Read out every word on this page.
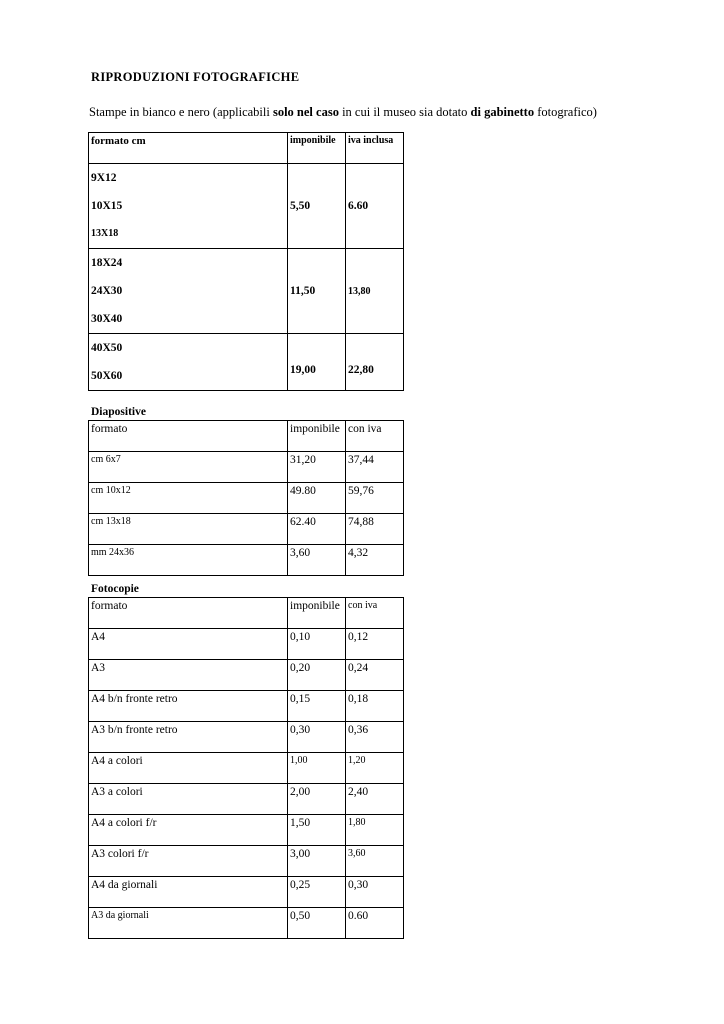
RIPRODUZIONI FOTOGRAFICHE
Stampe in bianco e nero (applicabili solo nel caso in cui il museo sia dotato di gabinetto fotografico)
formato cm	imponibile	iva inclusa

9X12
10X15
13X18	5,50	6.60

18X24
24X30
30X40	11,50	13,80

40X50
50X60	19,00	22,80
Diapositive
formato	imponibile	con iva
cm 6x7	31,20	37,44
cm 10x12	49.80	59,76
cm 13x18	62.40	74,88
mm 24x36	3,60	4,32
Fotocopie
formato	imponibile	con iva
A4	0,10	0,12
A3	0,20	0,24
A4 b/n fronte retro	0,15	0,18
A3 b/n fronte retro	0,30	0,36
A4 a colori	1,00	1,20
A3 a colori	2,00	2,40
A4 a colori f/r	1,50	1,80
A3 colori f/r	3,00	3,60
A4 da giornali	0,25	0,30
A3 da giornali	0,50	0.60
